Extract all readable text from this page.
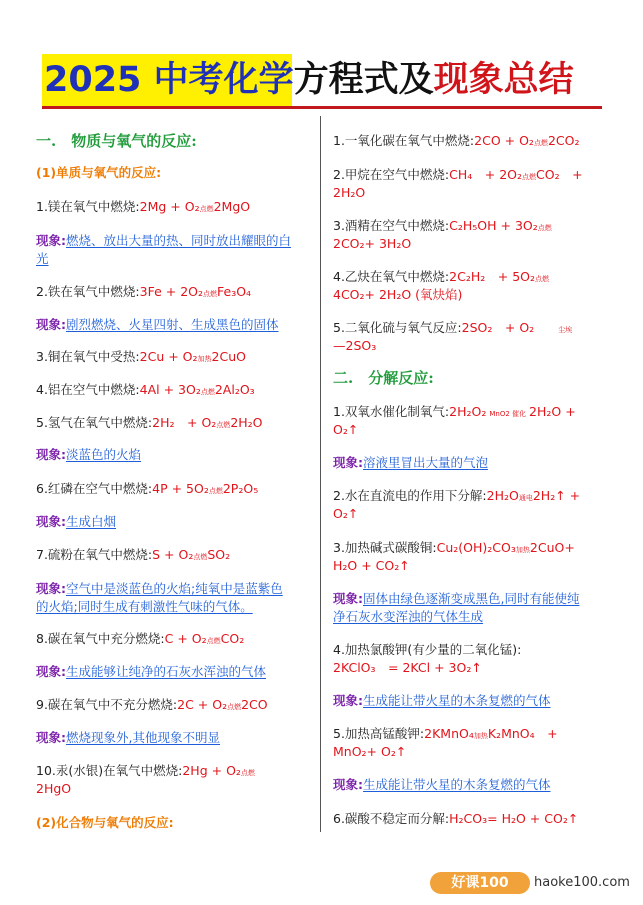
2025 中考化学方程式及现象总结
一.　物质与氧气的反应:
(1)单质与氧气的反应:
1.镁在氧气中燃烧:2Mg + O₂点燃2MgO
现象:燃烧、放出大量的热、同时放出耀眼的白
光
2.铁在氧气中燃烧:3Fe + 2O₂点燃Fe₃O₄
现象:剧烈燃烧、火星四射、生成黑色的固体
3.铜在氧气中受热:2Cu + O₂加热2CuO
4.铝在空气中燃烧:4Al + 3O₂点燃2Al₂O₃
5.氢气在氧气中燃烧:2H₂　+ O₂点燃2H₂O
现象:淡蓝色的火焰
6.红磷在空气中燃烧:4P + 5O₂点燃2P₂O₅
现象:生成白烟
7.硫粉在氧气中燃烧:S + O₂点燃SO₂
现象:空气中是淡蓝色的火焰;纯氧中是蓝紫色
的火焰;同时生成有刺激性气味的气体。
8.碳在氧气中充分燃烧:C + O₂点燃CO₂
现象:生成能够让纯净的石灰水浑浊的气体
9.碳在氧气中不充分燃烧:2C + O₂点燃2CO
现象:燃烧现象外,其他现象不明显
10.汞(水银)在氧气中燃烧:2Hg + O₂点燃
2HgO
(2)化合物与氧气的反应:
1.一氧化碳在氧气中燃烧:2CO + O₂点燃2CO₂
2.甲烷在空气中燃烧:CH₄　+ 2O₂点燃CO₂　+
2H₂O
3.酒精在空气中燃烧:C₂H₅OH + 3O₂点燃
2CO₂+ 3H₂O
4.乙炔在氧气中燃烧:2C₂H₂　+ 5O₂点燃
4CO₂+ 2H₂O (氧炔焰)
5.二氧化硫与氧气反应:2SO₂　+ O₂	尘埃
—2SO₃
二.　分解反应:
1.双氧水催化制氧气:2H₂O₂ MnO2 催化 2H₂O +
O₂↑
现象:溶液里冒出大量的气泡
2.水在直流电的作用下分解:2H₂O通电2H₂↑ +
O₂↑
3.加热碱式碳酸铜:Cu₂(OH)₂CO₃加热2CuO+
H₂O + CO₂↑
现象:固体由绿色逐渐变成黑色,同时有能使纯
净石灰水变浑浊的气体生成
4.加热氯酸钾(有少量的二氧化锰):
2KClO₃　= 2KCl + 3O₂↑
现象:生成能让带火星的木条复燃的气体
5.加热高锰酸钾:2KMnO₄加热K₂MnO₄　+
MnO₂+ O₂↑
现象:生成能让带火星的木条复燃的气体
6.碳酸不稳定而分解:H₂CO₃= H₂O + CO₂↑
好课100	haoke100.com
